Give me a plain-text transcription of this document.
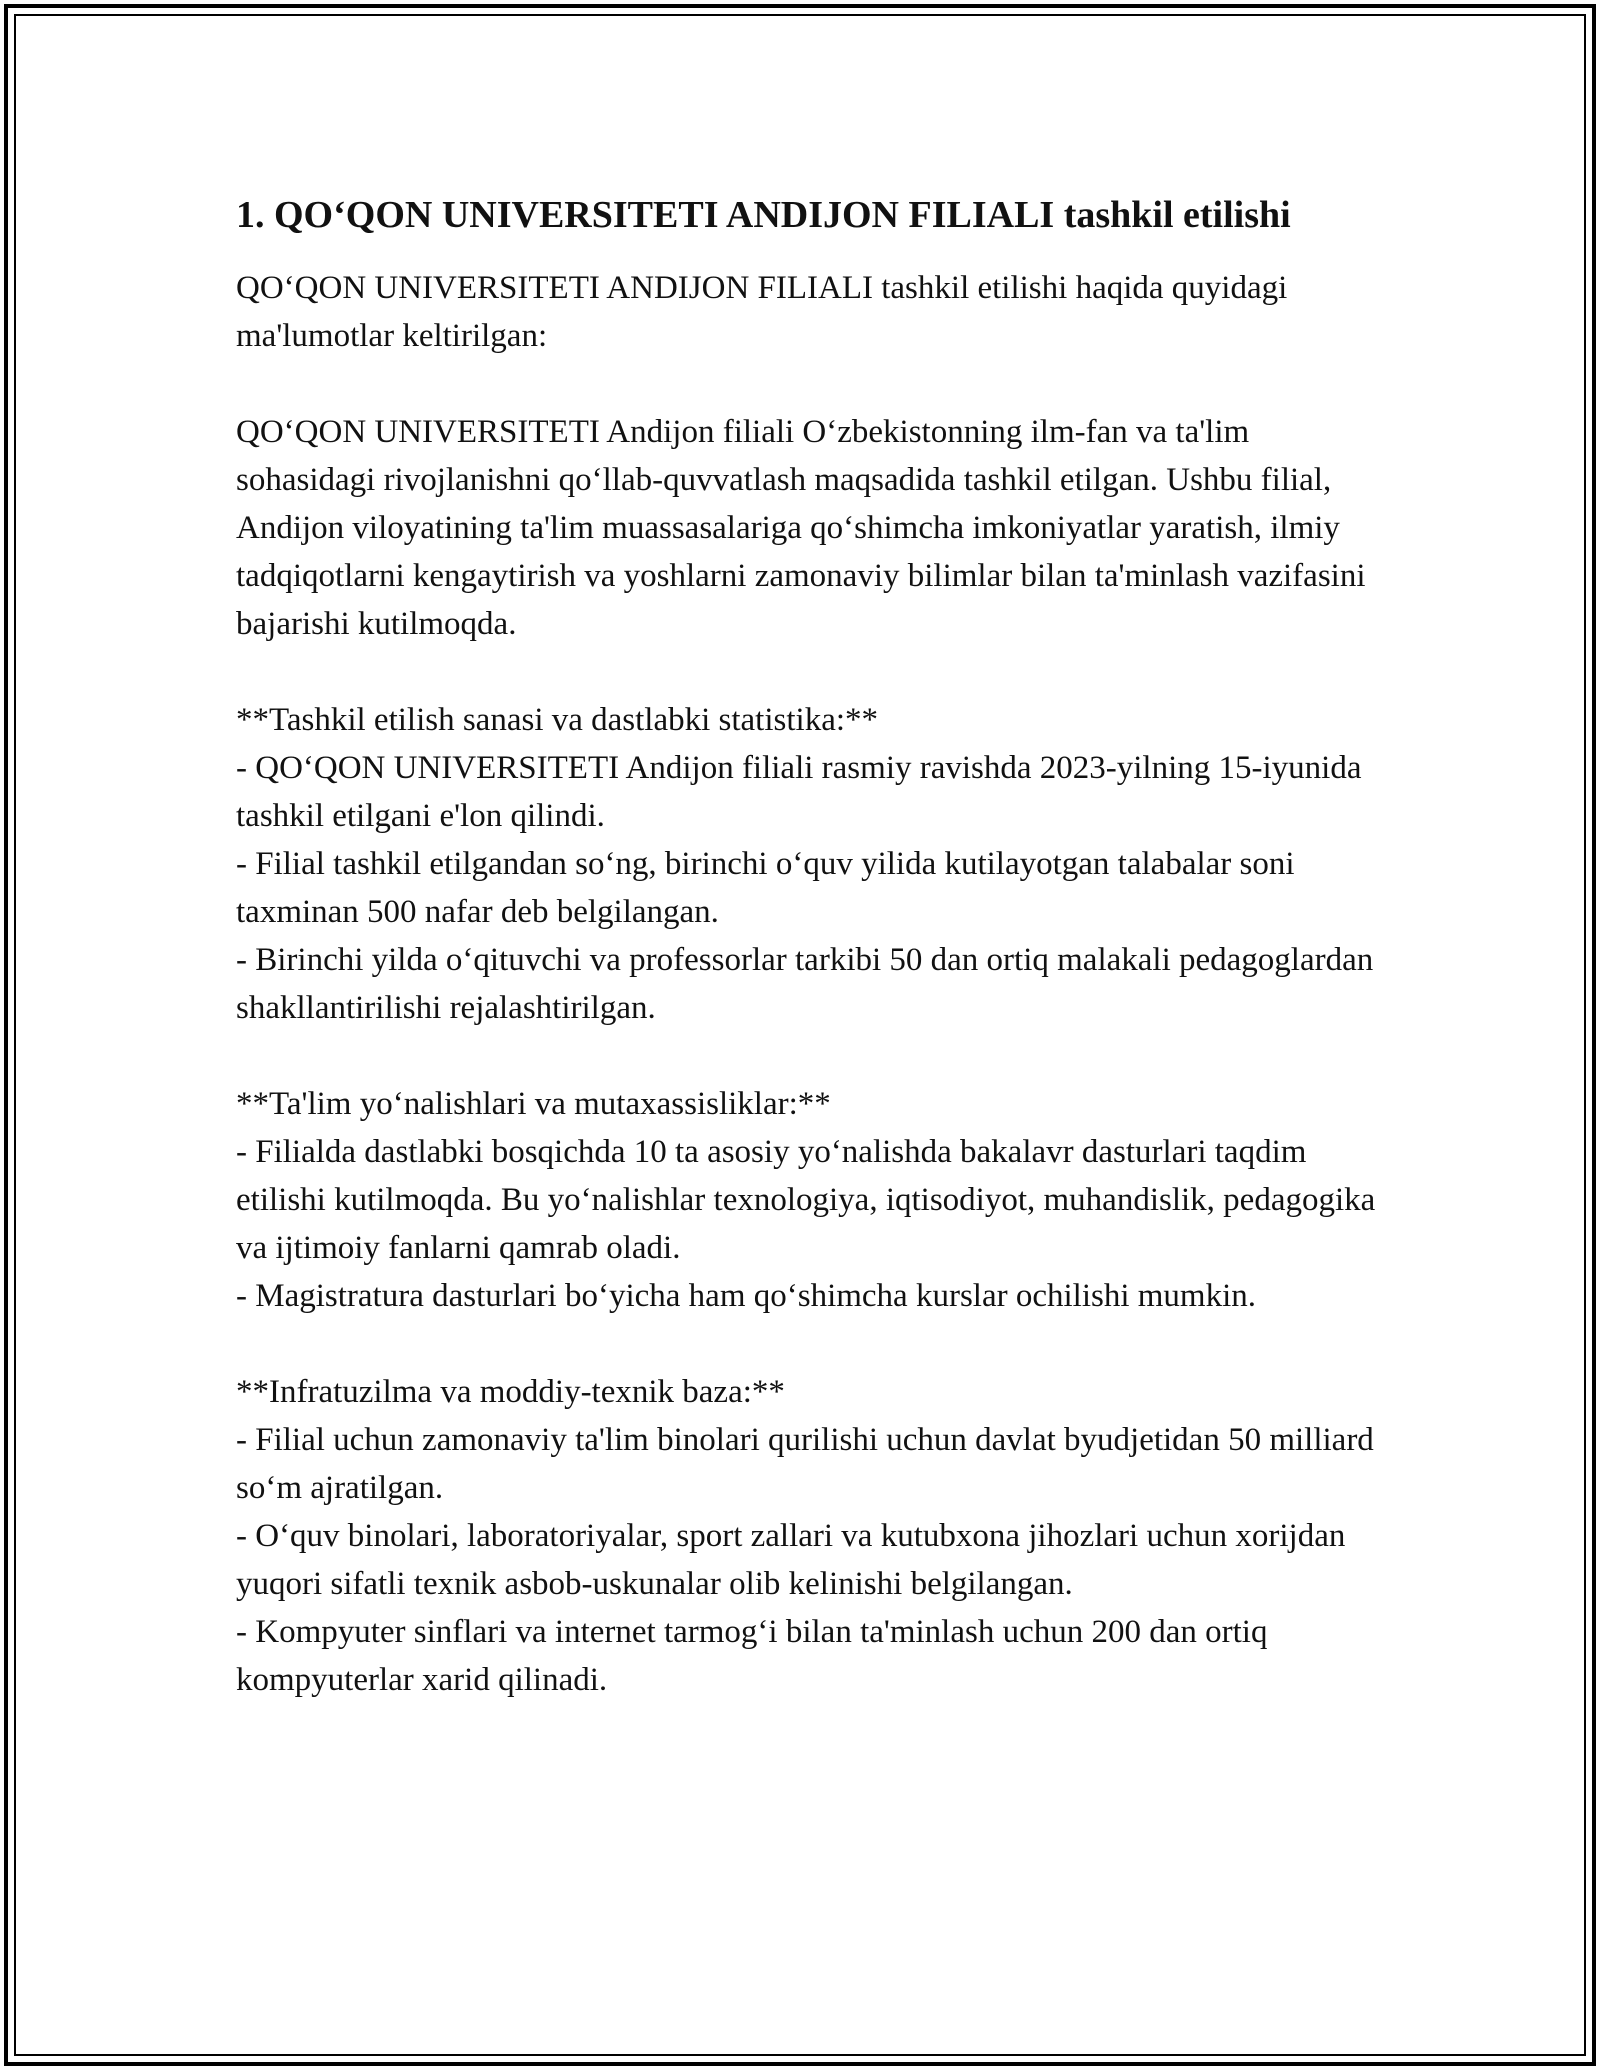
1. QO‘QON UNIVERSITETI ANDIJON FILIALI tashkil etilishi

QO‘QON UNIVERSITETI ANDIJON FILIALI tashkil etilishi haqida quyidagi ma'lumotlar keltirilgan:

QO‘QON UNIVERSITETI Andijon filiali O‘zbekistonning ilm-fan va ta'lim sohasidagi rivojlanishni qo‘llab-quvvatlash maqsadida tashkil etilgan. Ushbu filial, Andijon viloyatining ta'lim muassasalariga qo‘shimcha imkoniyatlar yaratish, ilmiy tadqiqotlarni kengaytirish va yoshlarni zamonaviy bilimlar bilan ta'minlash vazifasini bajarishi kutilmoqda.

**Tashkil etilish sanasi va dastlabki statistika:**

- QO‘QON UNIVERSITETI Andijon filiali rasmiy ravishda 2023-yilning 15-iyunida tashkil etilgani e'lon qilindi.

- Filial tashkil etilgandan so‘ng, birinchi o‘quv yilida kutilayotgan talabalar soni taxminan 500 nafar deb belgilangan.

- Birinchi yilda o‘qituvchi va professorlar tarkibi 50 dan ortiq malakali pedagoglardan shakllantirilishi rejalashtirilgan.

**Ta'lim yo‘nalishlari va mutaxassisliklar:**

- Filialda dastlabki bosqichda 10 ta asosiy yo‘nalishda bakalavr dasturlari taqdim etilishi kutilmoqda. Bu yo‘nalishlar texnologiya, iqtisodiyot, muhandislik, pedagogika va ijtimoiy fanlarni qamrab oladi.

- Magistratura dasturlari bo‘yicha ham qo‘shimcha kurslar ochilishi mumkin.

**Infratuzilma va moddiy-texnik baza:**

- Filial uchun zamonaviy ta'lim binolari qurilishi uchun davlat byudjetidan 50 milliard so‘m ajratilgan.

- O‘quv binolari, laboratoriyalar, sport zallari va kutubxona jihozlari uchun xorijdan yuqori sifatli texnik asbob-uskunalar olib kelinishi belgilangan.

- Kompyuter sinflari va internet tarmog‘i bilan ta'minlash uchun 200 dan ortiq kompyuterlar xarid qilinadi.
